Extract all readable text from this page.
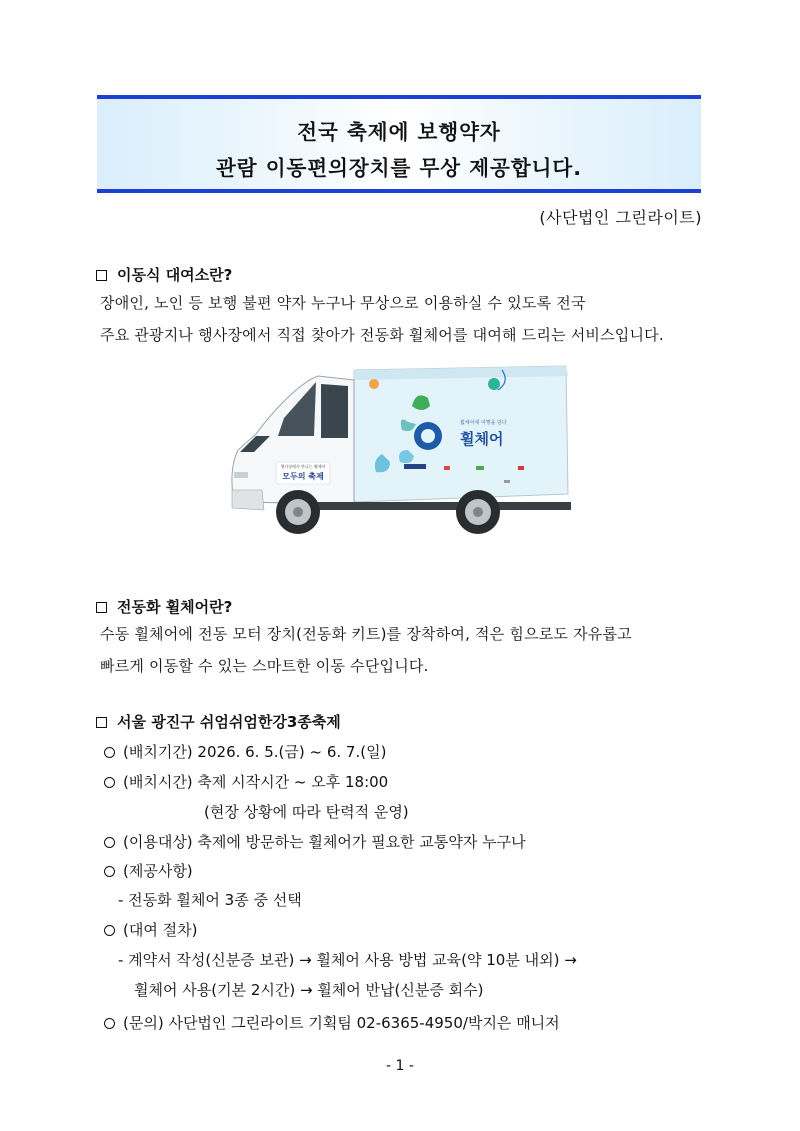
전국 축제에 보행약자
관람 이동편의장치를 무상 제공합니다.
(사단법인 그린라이트)
이동식 대여소란?
장애인, 노인 등 보행 불편 약자 누구나 무상으로 이용하실 수 있도록 전국
주요 관광지나 행사장에서 직접 찾아가 전동화 휠체어를 대여해 드리는 서비스입니다.
행사장에서 만나는 휠체어
모두의 축제
휠체어에 여행을 담다
휠체어
전동화 휠체어란?
수동 휠체어에 전동 모터 장치(전동화 키트)를 장착하여, 적은 힘으로도 자유롭고
빠르게 이동할 수 있는 스마트한 이동 수단입니다.
서울 광진구 쉬엄쉬엄한강3종축제
(배치기간) 2026. 6. 5.(금) ~ 6. 7.(일)
(배치시간) 축제 시작시간 ~ 오후 18:00
(현장 상황에 따라 탄력적 운영)
(이용대상) 축제에 방문하는 휠체어가 필요한 교통약자 누구나
(제공사항)
- 전동화 휠체어 3종 중 선택
(대여 절차)
- 계약서 작성(신분증 보관) → 휠체어 사용 방법 교육(약 10분 내외) →
휠체어 사용(기본 2시간) → 휠체어 반납(신분증 회수)
(문의) 사단법인 그린라이트 기획팀 02-6365-4950/박지은 매니저
- 1 -
